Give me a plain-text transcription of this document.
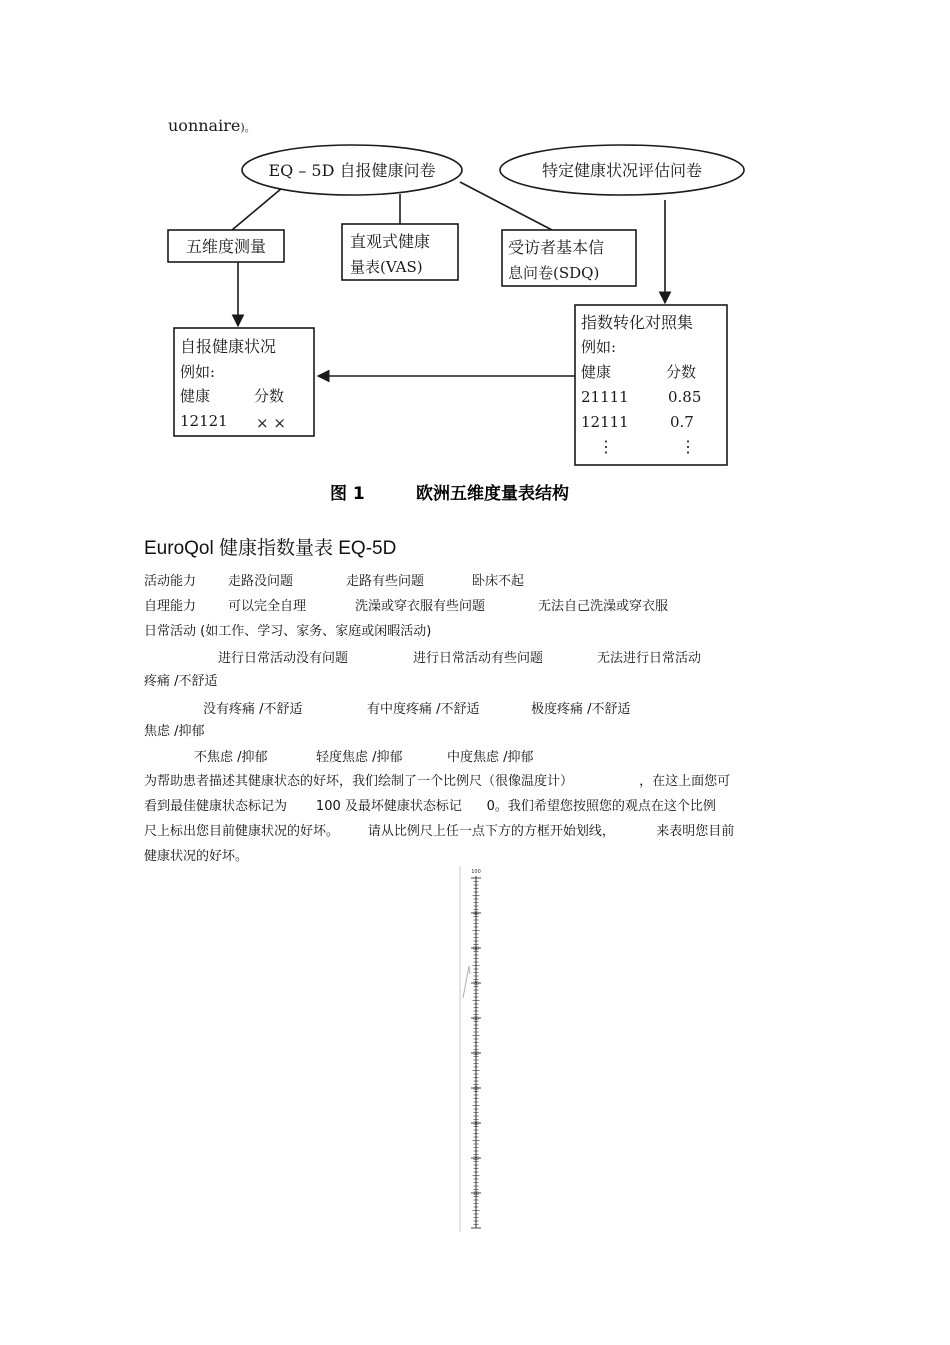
uonnaire)。
EQ – 5D 自报健康问卷	特定健康状况评估问卷
五维度测量	直观式健康
量表(VAS)
受访者基本信
息问卷(SDQ)
自报健康状况
例如:
健康	分数
12121 × ×
指数转化对照集
例如:
健康	分数
21111	0.85
12111	0.7
⋮	⋮
图 1	欧洲五维度量表结构
EuroQol 健康指数量表 EQ-5D
活动能力 走路没问题	走路有些问题	卧床不起
自理能力 可以完全自理	洗澡或穿衣服有些问题	无法自己洗澡或穿衣服
日常活动 (如工作、学习、家务、家庭或闲暇活动)
进行日常活动没有问题	进行日常活动有些问题	无法进行日常活动
疼痛 /不舒适
没有疼痛 /不舒适	有中度疼痛 /不舒适	极度疼痛 /不舒适
焦虑 /抑郁
不焦虑 /抑郁	轻度焦虑 /抑郁	中度焦虑 /抑郁
为帮助患者描述其健康状态的好坏，我们绘制了一个比例尺（很像温度计）                ，在这上面您可
看到最佳健康状态标记为       100 及最坏健康状态标记      0。我们希望您按照您的观点在这个比例
尺上标出您目前健康状况的好坏。       请从比例尺上任一点下方的方框开始划线，          来表明您目前
健康状况的好坏。
100
90
80
70
60
50
40
30
20
10
